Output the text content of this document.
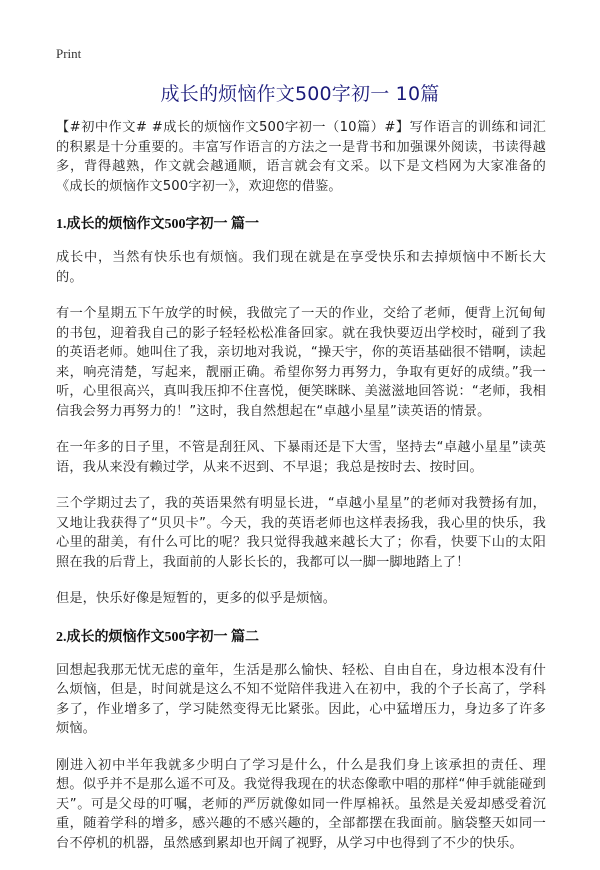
Print
成长的烦恼作文500字初一 10篇

【#初中作文# #成长的烦恼作文500字初一（10篇）#】写作语言的训练和词汇的积累是十分重要的。丰富写作语言的方法之一是背书和加强课外阅读，书读得越多，背得越熟，作文就会越通顺，语言就会有文采。以下是文档网为大家准备的《成长的烦恼作文500字初一》，欢迎您的借鉴。

1.成长的烦恼作文500字初一 篇一

成长中，当然有快乐也有烦恼。我们现在就是在享受快乐和去掉烦恼中不断长大的。

有一个星期五下午放学的时候，我做完了一天的作业，交给了老师，便背上沉甸甸的书包，迎着我自己的影子轻轻松松准备回家。就在我快要迈出学校时，碰到了我的英语老师。她叫住了我，亲切地对我说，“操天宇，你的英语基础很不错啊，读起来，响亮清楚，写起来，靓丽正确。希望你努力再努力，争取有更好的成绩。”我一听，心里很高兴，真叫我压抑不住喜悦，便笑眯眯、美滋滋地回答说：“老师，我相信我会努力再努力的！”这时，我自然想起在“卓越小星星”读英语的情景。

在一年多的日子里，不管是刮狂风、下暴雨还是下大雪，坚持去“卓越小星星”读英语，我从来没有赖过学，从来不迟到、不早退；我总是按时去、按时回。

三个学期过去了，我的英语果然有明显长进，“卓越小星星”的老师对我赞扬有加，又地让我获得了“贝贝卡”。今天，我的英语老师也这样表扬我，我心里的快乐，我心里的甜美，有什么可比的呢？我只觉得我越来越长大了；你看，快要下山的太阳照在我的后背上，我面前的人影长长的，我都可以一脚一脚地踏上了！

但是，快乐好像是短暂的，更多的似乎是烦恼。

2.成长的烦恼作文500字初一 篇二

回想起我那无忧无虑的童年，生活是那么愉快、轻松、自由自在，身边根本没有什么烦恼，但是，时间就是这么不知不觉陪伴我进入在初中，我的个子长高了，学科多了，作业增多了，学习陡然变得无比紧张。因此，心中猛增压力，身边多了许多烦恼。

刚进入初中半年我就多少明白了学习是什么，什么是我们身上该承担的责任、理想。似乎并不是那么遥不可及。我觉得我现在的状态像歌中唱的那样“伸手就能碰到天”。可是父母的叮嘱，老师的严厉就像如同一件厚棉袄。虽然是关爱却感受着沉重，随着学科的增多，感兴趣的不感兴趣的，全部都摆在我面前。脑袋整天如同一台不停机的机器，虽然感到累却也开阔了视野，从学习中也得到了不少的快乐。
